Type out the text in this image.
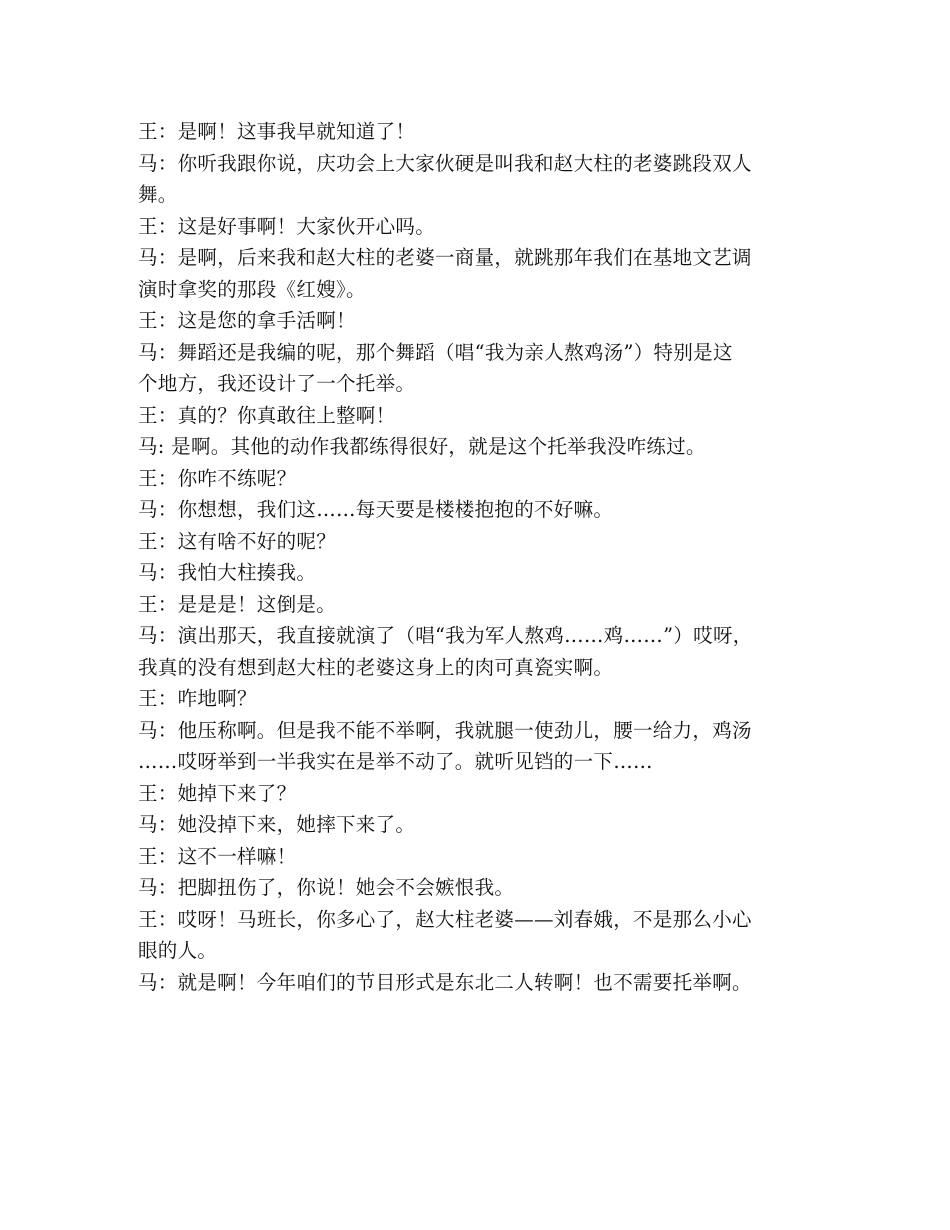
王：是啊！这事我早就知道了！

马：你听我跟你说，庆功会上大家伙硬是叫我和赵大柱的老婆跳段双人

舞。

王：这是好事啊！大家伙开心吗。

马：是啊，后来我和赵大柱的老婆一商量，就跳那年我们在基地文艺调

演时拿奖的那段《红嫂》。

王：这是您的拿手活啊！

马：舞蹈还是我编的呢，那个舞蹈（唱“我为亲人熬鸡汤”）特别是这

个地方，我还设计了一个托举。

王：真的？你真敢往上整啊！

马: 是啊。其他的动作我都练得很好，就是这个托举我没咋练过。

王：你咋不练呢？

马：你想想，我们这……每天要是楼楼抱抱的不好嘛。

王：这有啥不好的呢？

马：我怕大柱揍我。

王：是是是！这倒是。

马：演出那天，我直接就演了（唱“我为军人熬鸡……鸡……”）哎呀，

我真的没有想到赵大柱的老婆这身上的肉可真瓷实啊。

王：咋地啊？

马：他压称啊。但是我不能不举啊，我就腿一使劲儿，腰一给力，鸡汤

……哎呀举到一半我实在是举不动了。就听见铛的一下……

王：她掉下来了？

马：她没掉下来，她摔下来了。

王：这不一样嘛！

马：把脚扭伤了，你说！她会不会嫉恨我。

王：哎呀！马班长，你多心了，赵大柱老婆——刘春娥，不是那么小心

眼的人。

马：就是啊！今年咱们的节目形式是东北二人转啊！也不需要托举啊。
